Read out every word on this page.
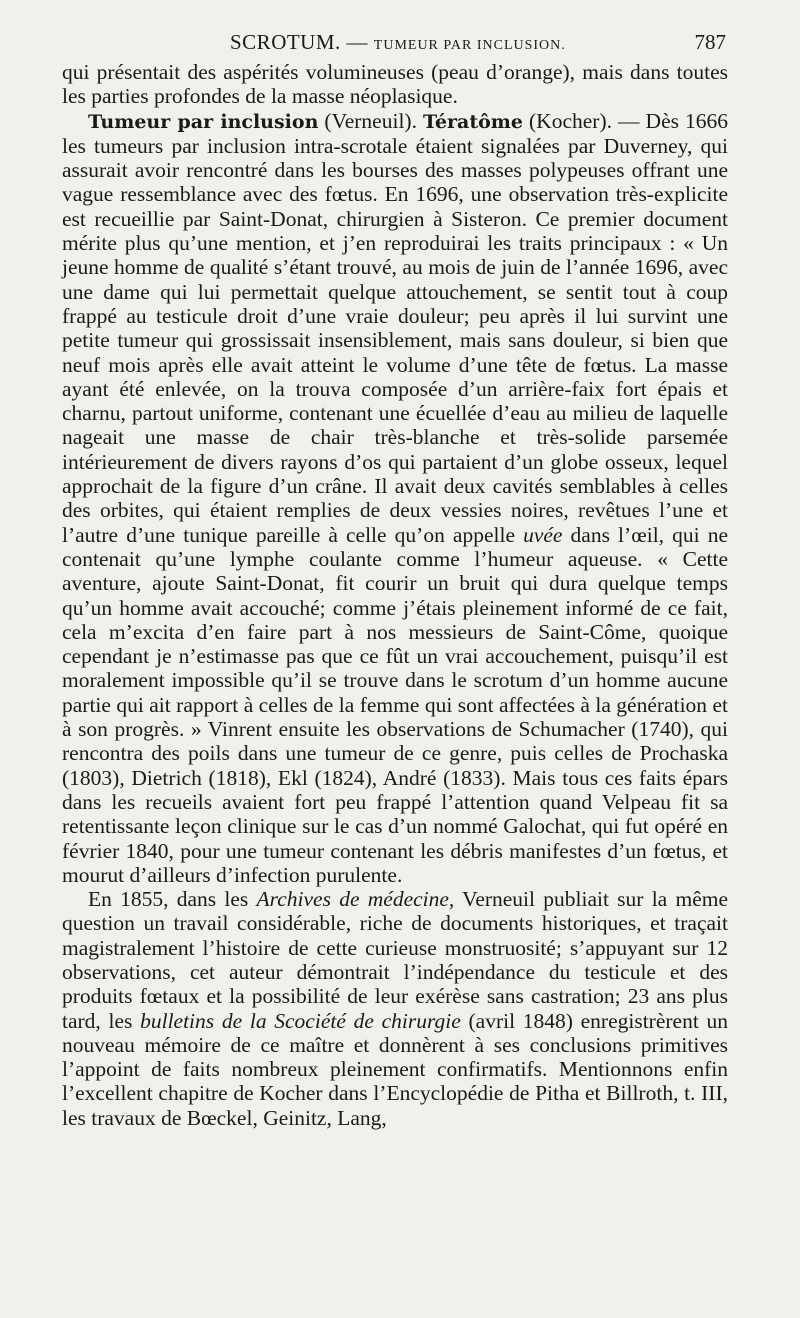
SCROTUM. — TUMEUR PAR INCLUSION.	787

qui présentait des aspérités volumineuses (peau d’orange), mais dans toutes les parties profondes de la masse néoplasique.

Tumeur par inclusion (Verneuil). Tératôme (Kocher). — Dès 1666 les tumeurs par inclusion intra-scrotale étaient signalées par Duverney, qui assurait avoir rencontré dans les bourses des masses polypeuses offrant une vague ressemblance avec des fœtus. En 1696, une observation très-explicite est recueillie par Saint-Donat, chirurgien à Sisteron. Ce premier document mérite plus qu’une mention, et j’en reproduirai les traits principaux : « Un jeune homme de qualité s’étant trouvé, au mois de juin de l’année 1696, avec une dame qui lui permettait quelque attouchement, se sentit tout à coup frappé au testicule droit d’une vraie douleur; peu après il lui survint une petite tumeur qui grossissait insensiblement, mais sans douleur, si bien que neuf mois après elle avait atteint le volume d’une tête de fœtus. La masse ayant été enlevée, on la trouva composée d’un arrière-faix fort épais et charnu, partout uniforme, contenant une écuellée d’eau au milieu de laquelle nageait une masse de chair très-blanche et très-solide parsemée intérieurement de divers rayons d’os qui partaient d’un globe osseux, lequel approchait de la figure d’un crâne. Il avait deux cavités semblables à celles des orbites, qui étaient remplies de deux vessies noires, revêtues l’une et l’autre d’une tunique pareille à celle qu’on appelle uvée dans l’œil, qui ne contenait qu’une lymphe coulante comme l’humeur aqueuse. « Cette aventure, ajoute Saint-Donat, fit courir un bruit qui dura quelque temps qu’un homme avait accouché; comme j’étais pleinement informé de ce fait, cela m’excita d’en faire part à nos messieurs de Saint-Côme, quoique cependant je n’estimasse pas que ce fût un vrai accouchement, puisqu’il est moralement impossible qu’il se trouve dans le scrotum d’un homme aucune partie qui ait rapport à celles de la femme qui sont affectées à la génération et à son progrès. » Vinrent ensuite les observations de Schumacher (1740), qui rencontra des poils dans une tumeur de ce genre, puis celles de Prochaska (1803), Dietrich (1818), Ekl (1824), André (1833). Mais tous ces faits épars dans les recueils avaient fort peu frappé l’attention quand Velpeau fit sa retentissante leçon clinique sur le cas d’un nommé Galochat, qui fut opéré en février 1840, pour une tumeur contenant les débris manifestes d’un fœtus, et mourut d’ailleurs d’infection purulente.

En 1855, dans les Archives de médecine, Verneuil publiait sur la même question un travail considérable, riche de documents historiques, et traçait magistralement l’histoire de cette curieuse monstruosité; s’appuyant sur 12 observations, cet auteur démontrait l’indépendance du testicule et des produits fœtaux et la possibilité de leur exérèse sans castration; 23 ans plus tard, les bulletins de la Scociété de chirurgie (avril 1848) enregistrèrent un nouveau mémoire de ce maître et donnèrent à ses conclusions primitives l’appoint de faits nombreux pleinement confirmatifs. Mentionnons enfin l’excellent chapitre de Kocher dans l’Encyclopédie de Pitha et Billroth, t. III, les travaux de Bœckel, Geinitz, Lang,
